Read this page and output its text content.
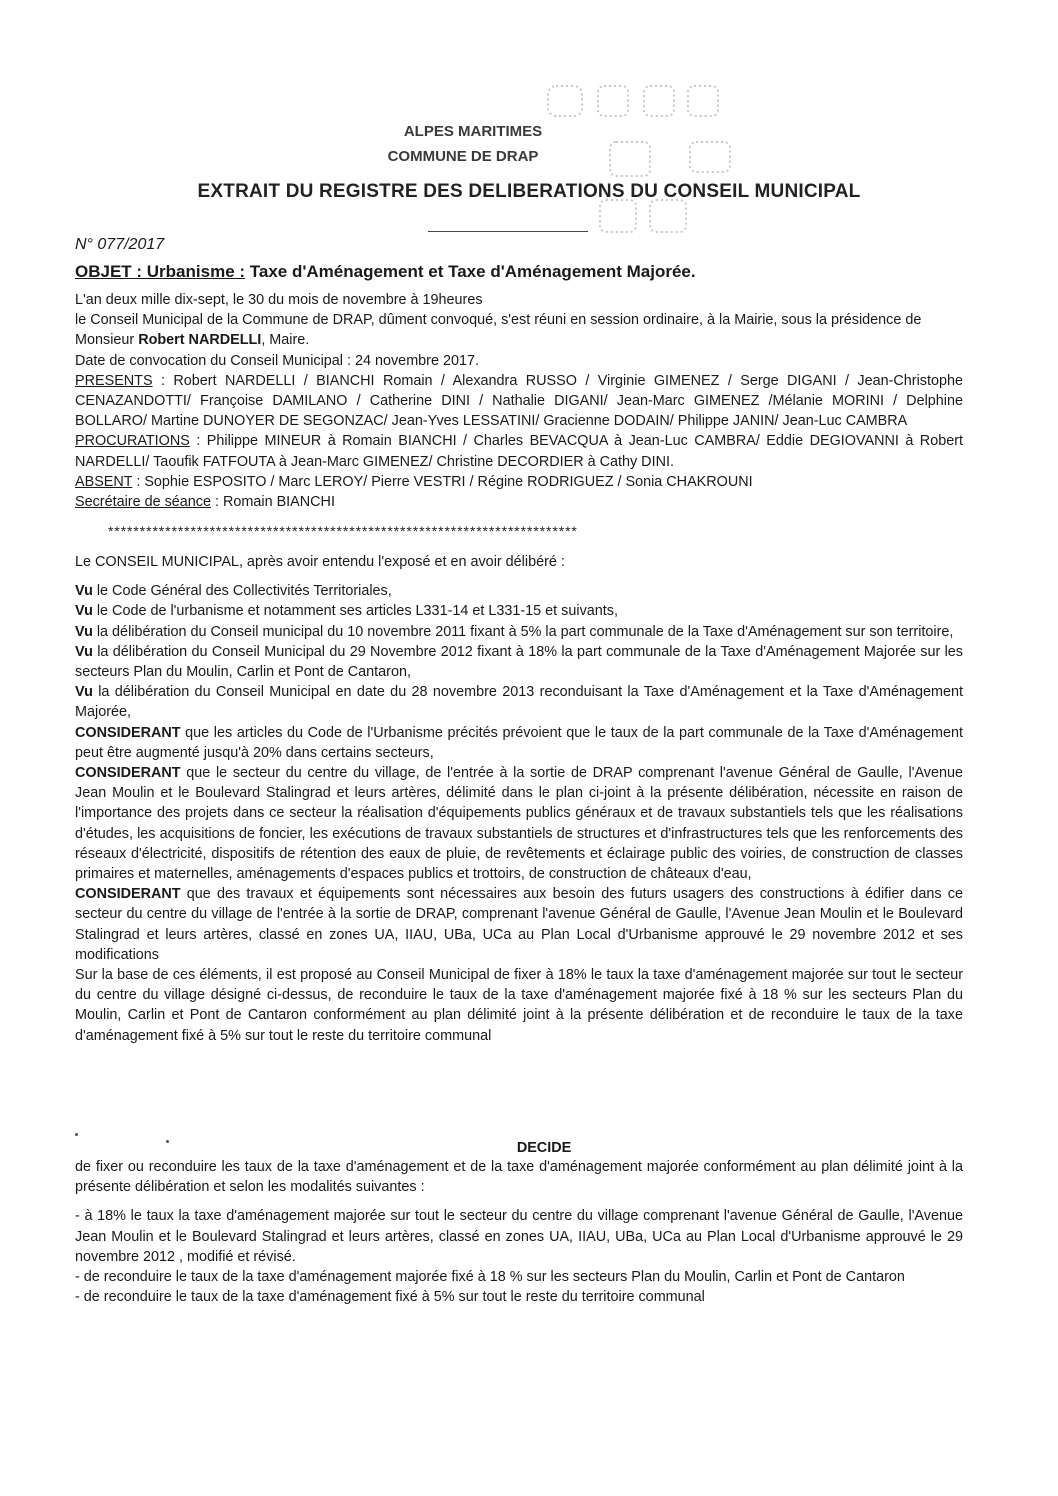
ALPES MARITIMES
COMMUNE DE DRAP
EXTRAIT DU REGISTRE DES DELIBERATIONS DU CONSEIL MUNICIPAL
N° 077/2017
OBJET : Urbanisme : Taxe d'Aménagement et Taxe d'Aménagement Majorée.

L'an deux mille dix-sept, le 30 du mois de novembre à 19heures

le Conseil Municipal de la Commune de DRAP, dûment convoqué, s'est réuni en session ordinaire, à la Mairie, sous la présidence de Monsieur Robert NARDELLI, Maire.

Date de convocation du Conseil Municipal : 24 novembre 2017.

PRESENTS : Robert NARDELLI / BIANCHI Romain / Alexandra RUSSO / Virginie GIMENEZ / Serge DIGANI / Jean-Christophe CENAZANDOTTI/ Françoise DAMILANO / Catherine DINI / Nathalie DIGANI/ Jean-Marc GIMENEZ /Mélanie MORINI / Delphine BOLLARO/ Martine DUNOYER DE SEGONZAC/ Jean-Yves LESSATINI/ Gracienne DODAIN/ Philippe JANIN/ Jean-Luc CAMBRA

PROCURATIONS : Philippe MINEUR à Romain BIANCHI / Charles BEVACQUA à Jean-Luc CAMBRA/ Eddie DEGIOVANNI à Robert NARDELLI/ Taoufik FATFOUTA à Jean-Marc GIMENEZ/ Christine DECORDIER à Cathy DINI.

ABSENT : Sophie ESPOSITO / Marc LEROY/ Pierre VESTRI / Régine RODRIGUEZ / Sonia CHAKROUNI

Secrétaire de séance : Romain BIANCHI

**************************************************************************

Le CONSEIL MUNICIPAL, après avoir entendu l'exposé et en avoir délibéré :

Vu le Code Général des Collectivités Territoriales,

Vu le Code de l'urbanisme et notamment ses articles L331-14 et L331-15 et suivants,

Vu la délibération du Conseil municipal du 10 novembre 2011 fixant à 5% la part communale de la Taxe d'Aménagement sur son territoire,

Vu la délibération du Conseil Municipal du 29 Novembre 2012 fixant à 18% la part communale de la Taxe d'Aménagement Majorée sur les secteurs Plan du Moulin, Carlin et Pont de Cantaron,

Vu la délibération du Conseil Municipal en date du 28 novembre 2013 reconduisant la Taxe d'Aménagement et la Taxe d'Aménagement Majorée,

CONSIDERANT que les articles du Code de l'Urbanisme précités prévoient que le taux de la part communale de la Taxe d'Aménagement peut être augmenté jusqu'à 20% dans certains secteurs,

CONSIDERANT que le secteur du centre du village, de l'entrée à la sortie de DRAP comprenant l'avenue Général de Gaulle, l'Avenue Jean Moulin et le Boulevard Stalingrad et leurs artères, délimité dans le plan ci-joint à la présente délibération, nécessite en raison de l'importance des projets dans ce secteur la réalisation d'équipements publics généraux et de travaux substantiels tels que les réalisations d'études, les acquisitions de foncier, les exécutions de travaux substantiels de structures et d'infrastructures tels que les renforcements des réseaux d'électricité, dispositifs de rétention des eaux de pluie, de revêtements et éclairage public des voiries, de construction de classes primaires et maternelles, aménagements d'espaces publics et trottoirs, de construction de châteaux d'eau,

CONSIDERANT que des travaux et équipements sont nécessaires aux besoin des futurs usagers des constructions à édifier dans ce secteur du centre du village de l'entrée à la sortie de DRAP, comprenant l'avenue Général de Gaulle, l'Avenue Jean Moulin et le Boulevard Stalingrad et leurs artères, classé en zones UA, IIAU, UBa, UCa au Plan Local d'Urbanisme approuvé le 29 novembre 2012 et ses modifications

Sur la base de ces éléments, il est proposé au Conseil Municipal de fixer à 18% le taux la taxe d'aménagement majorée sur tout le secteur du centre du village désigné ci-dessus, de reconduire le taux de la taxe d'aménagement majorée fixé à 18 % sur les secteurs Plan du Moulin, Carlin et Pont de Cantaron conformément au plan délimité joint à la présente délibération et de reconduire le taux de la taxe d'aménagement fixé à 5% sur tout le reste du territoire communal

DECIDE

de fixer ou reconduire les taux de la taxe d'aménagement et de la taxe d'aménagement majorée conformément au plan délimité joint à la présente délibération et selon les modalités suivantes :

- à 18% le taux la taxe d'aménagement majorée sur tout le secteur du centre du village comprenant l'avenue Général de Gaulle, l'Avenue Jean Moulin et le Boulevard Stalingrad et leurs artères, classé en zones UA, IIAU, UBa, UCa au Plan Local d'Urbanisme approuvé le 29 novembre 2012 , modifié et révisé.

- de reconduire le taux de la taxe d'aménagement majorée fixé à 18 % sur les secteurs Plan du Moulin, Carlin et Pont de Cantaron

- de reconduire le taux de la taxe d'aménagement fixé à 5% sur tout le reste du territoire communal
